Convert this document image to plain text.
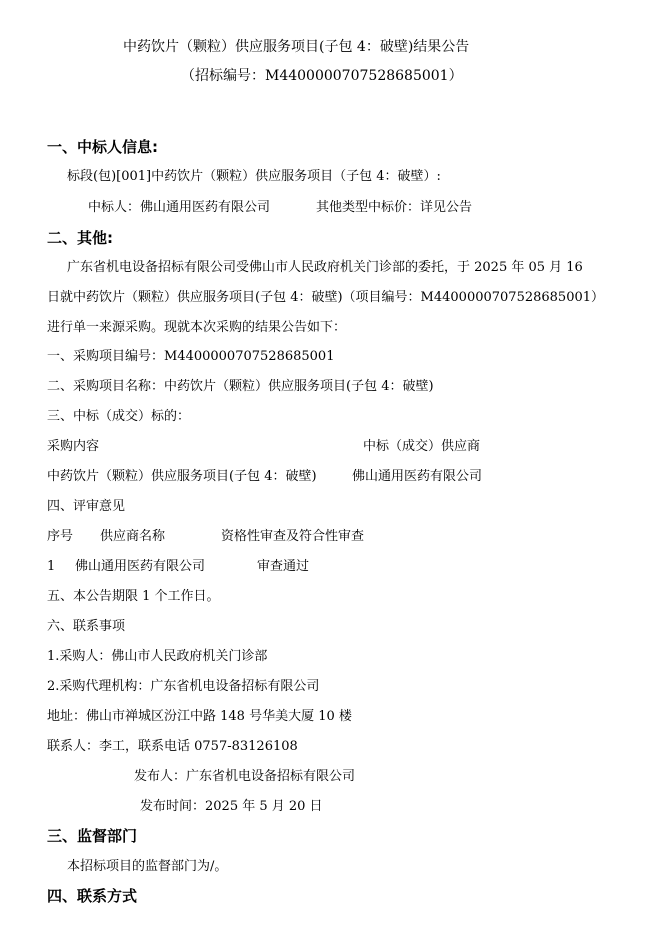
中药饮片（颗粒）供应服务项目(子包 4：破壁)结果公告
（招标编号：M4400000707528685001）
一、中标人信息:
标段(包)[001]中药饮片（颗粒）供应服务项目（子包 4：破壁）:
中标人：佛山通用医药有限公司	其他类型中标价：详见公告
二、其他:
广东省机电设备招标有限公司受佛山市人民政府机关门诊部的委托，于 2025 年 05 月 16
日就中药饮片（颗粒）供应服务项目(子包 4：破壁)（项目编号：M4400000707528685001）
进行单一来源采购。现就本次采购的结果公告如下：
一、采购项目编号：M4400000707528685001
二、采购项目名称：中药饮片（颗粒）供应服务项目(子包 4：破壁)
三、中标（成交）标的：
采购内容	中标（成交）供应商
中药饮片（颗粒）供应服务项目(子包 4：破壁)	佛山通用医药有限公司
四、评审意见
序号 供应商名称	资格性审查及符合性审查
1 佛山通用医药有限公司	审查通过
五、本公告期限 1 个工作日。
六、联系事项
1.采购人：佛山市人民政府机关门诊部
2.采购代理机构：广东省机电设备招标有限公司
地址：佛山市禅城区汾江中路 148 号华美大厦 10 楼
联系人：李工，联系电话 0757-83126108
发布人：广东省机电设备招标有限公司
发布时间：2025 年 5 月 20 日
三、监督部门
本招标项目的监督部门为/。
四、联系方式
